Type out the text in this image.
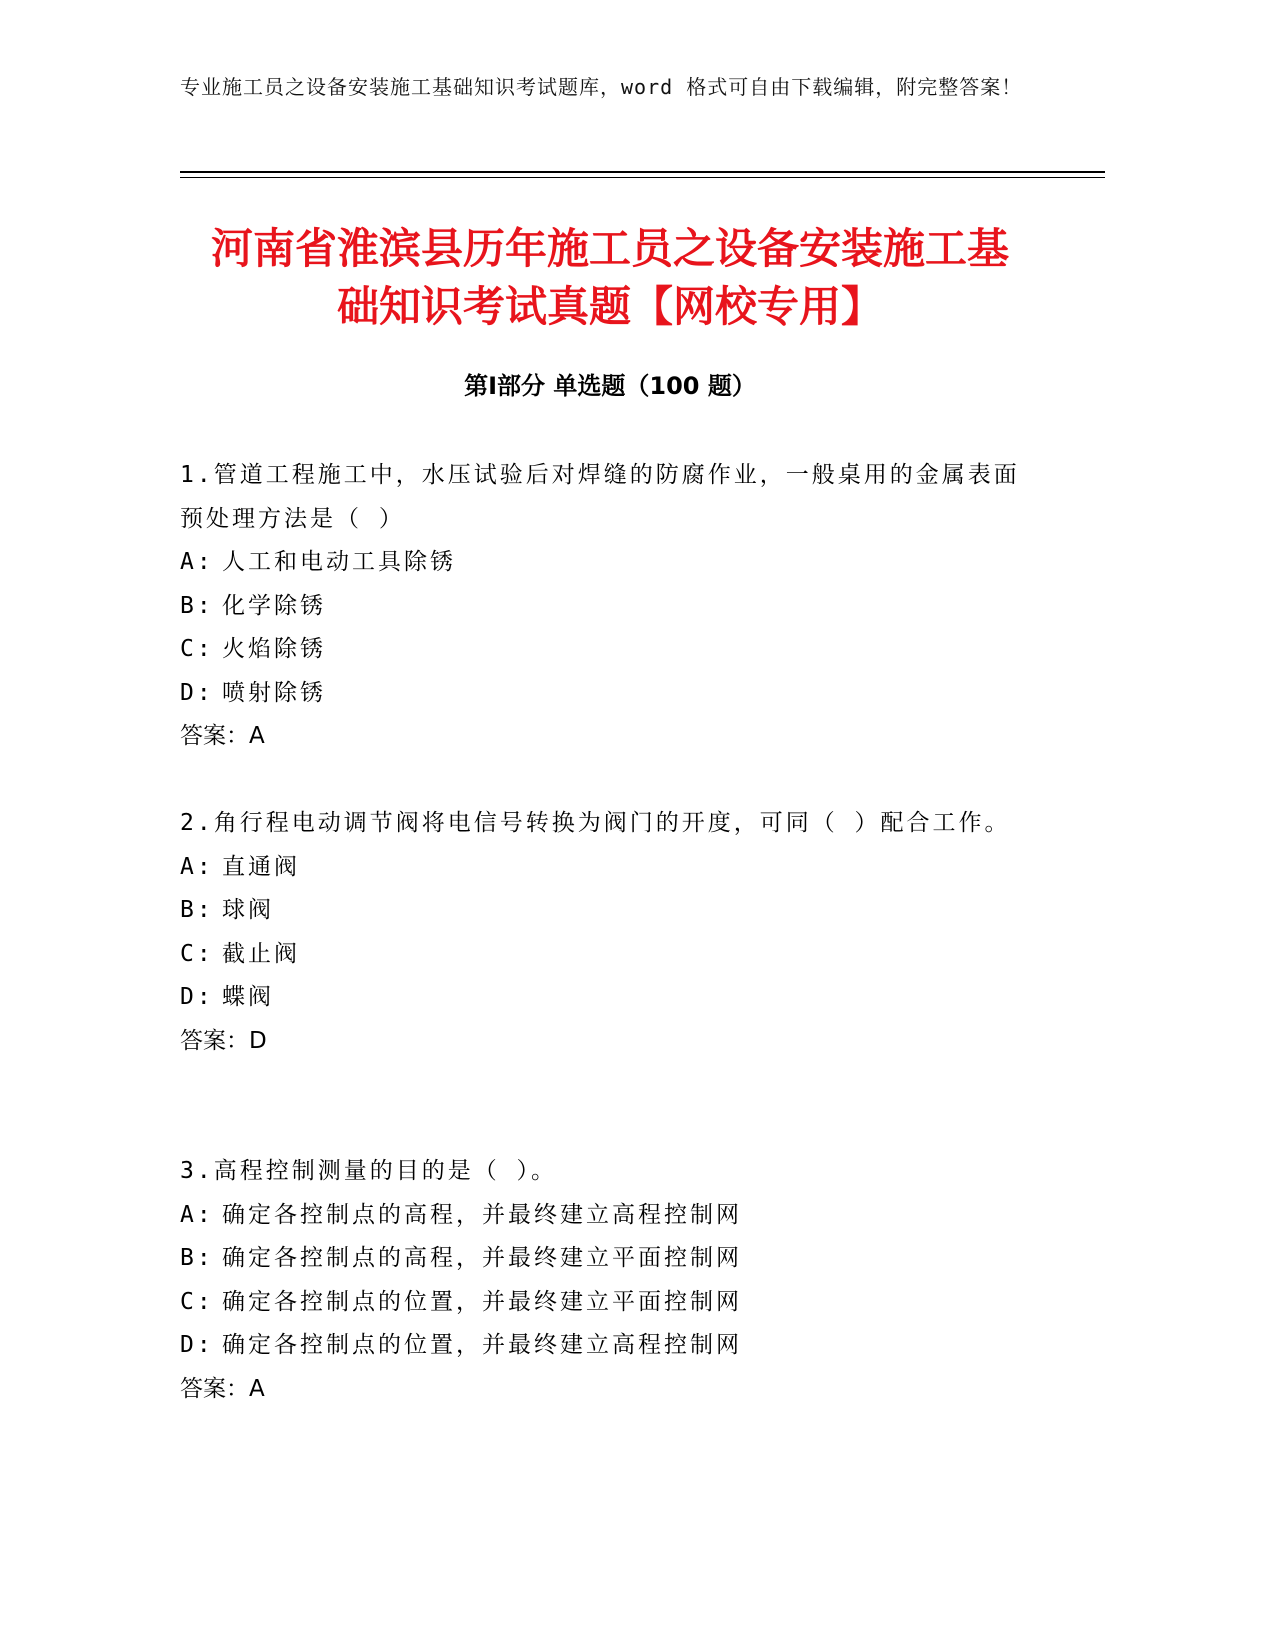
专业施工员之设备安装施工基础知识考试题库，word 格式可自由下载编辑，附完整答案！
河南省淮滨县历年施工员之设备安装施工基
础知识考试真题【网校专用】
第Ⅰ部分 单选题（100 题）

1.管道工程施工中，水压试验后对焊缝的防腐作业，一般桌用的金属表面预处理方法是（ ）

A: 人工和电动工具除锈

B: 化学除锈

C: 火焰除锈

D: 喷射除锈

答案：A

2.角行程电动调节阀将电信号转换为阀门的开度，可同（ ）配合工作。

A: 直通阀

B: 球阀

C: 截止阀

D: 蝶阀

答案：D

3.高程控制测量的目的是（ ）。

A: 确定各控制点的高程，并最终建立高程控制网

B: 确定各控制点的高程，并最终建立平面控制网

C: 确定各控制点的位置，并最终建立平面控制网

D: 确定各控制点的位置，并最终建立高程控制网

答案：A
